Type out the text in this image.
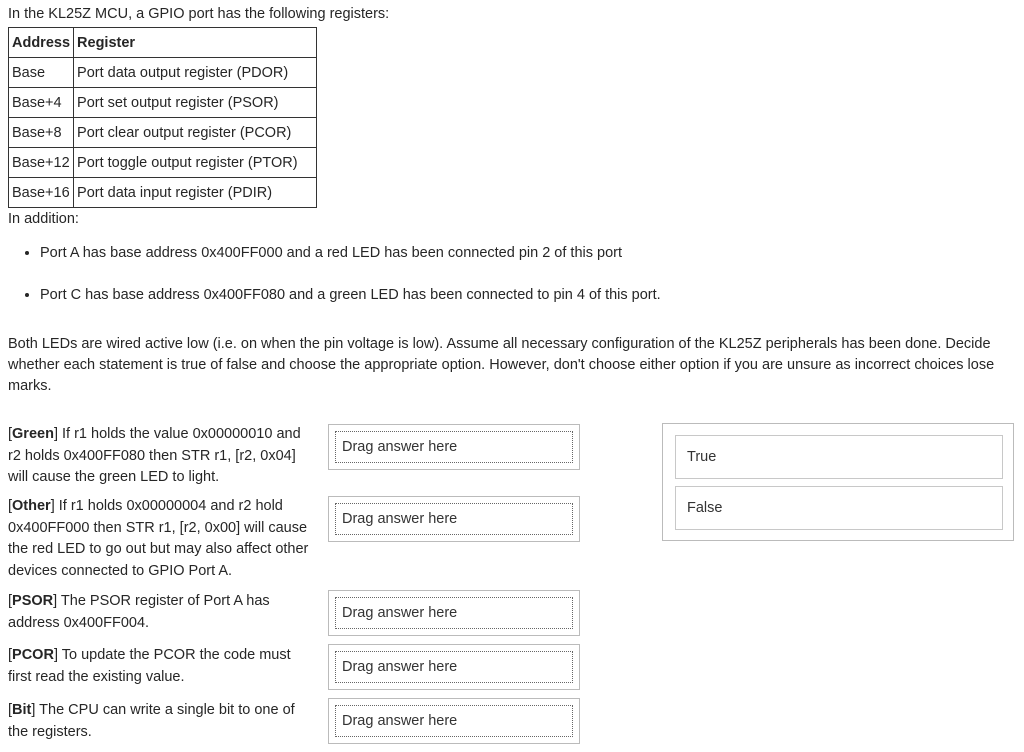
In the KL25Z MCU, a GPIO port has the following registers:
Address	Register
Base	Port data output register (PDOR)
Base+4	Port set output register (PSOR)
Base+8	Port clear output register (PCOR)
Base+12	Port toggle output register (PTOR)
Base+16	Port data input register (PDIR)
In addition:
• Port A has base address 0x400FF000 and a red LED has been connected pin 2 of this port
• Port C has base address 0x400FF080 and a green LED has been connected to pin 4 of this port.
Both LEDs are wired active low (i.e. on when the pin voltage is low). Assume all necessary configuration of the KL25Z peripherals has been done. Decide whether each statement is true of false and choose the appropriate option. However, don't choose either option if you are unsure as incorrect choices lose marks.
[Green] If r1 holds the value 0x00000010 and r2 holds 0x400FF080 then STR r1, [r2, 0x04] will cause the green LED to light.
[Other] If r1 holds 0x00000004 and r2 hold 0x400FF000 then STR r1, [r2, 0x00] will cause the red LED to go out but may also affect other devices connected to GPIO Port A.
[PSOR] The PSOR register of Port A has address 0x400FF004.
[PCOR] To update the PCOR the code must first read the existing value.
[Bit] The CPU can write a single bit to one of the registers.
Drag answer here
Drag answer here
Drag answer here
Drag answer here
Drag answer here
True
False
